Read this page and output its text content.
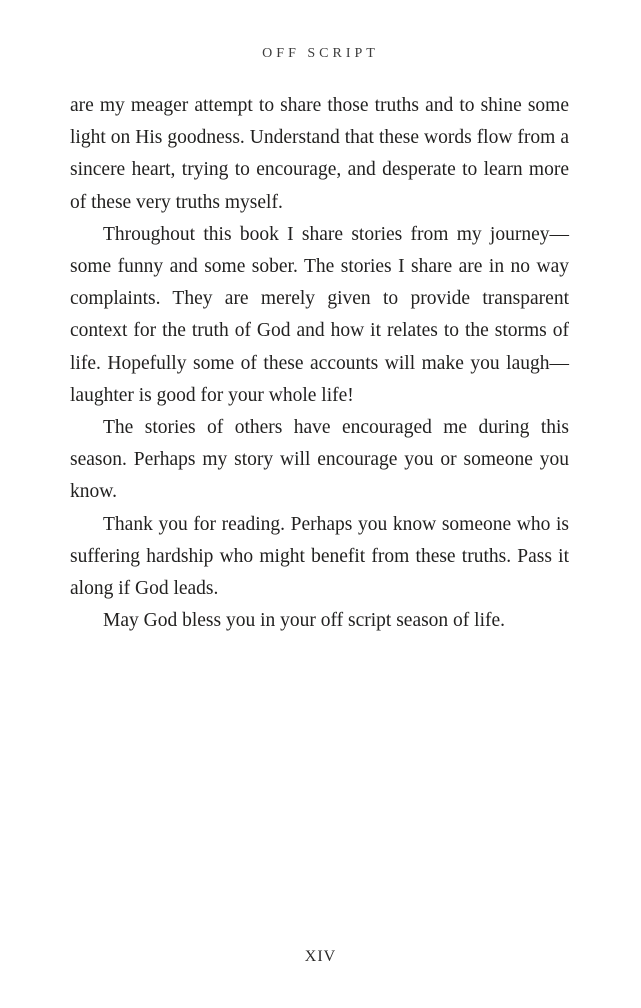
OFF SCRIPT

are my meager attempt to share those truths and to shine some light on His goodness. Understand that these words flow from a sincere heart, trying to encourage, and desperate to learn more of these very truths myself.

Throughout this book I share stories from my journey—some funny and some sober. The stories I share are in no way complaints. They are merely given to provide transparent context for the truth of God and how it relates to the storms of life. Hopefully some of these accounts will make you laugh—laughter is good for your whole life!

The stories of others have encouraged me during this season. Perhaps my story will encourage you or someone you know.

Thank you for reading. Perhaps you know someone who is suffering hardship who might benefit from these truths. Pass it along if God leads.

May God bless you in your off script season of life.

XIV
